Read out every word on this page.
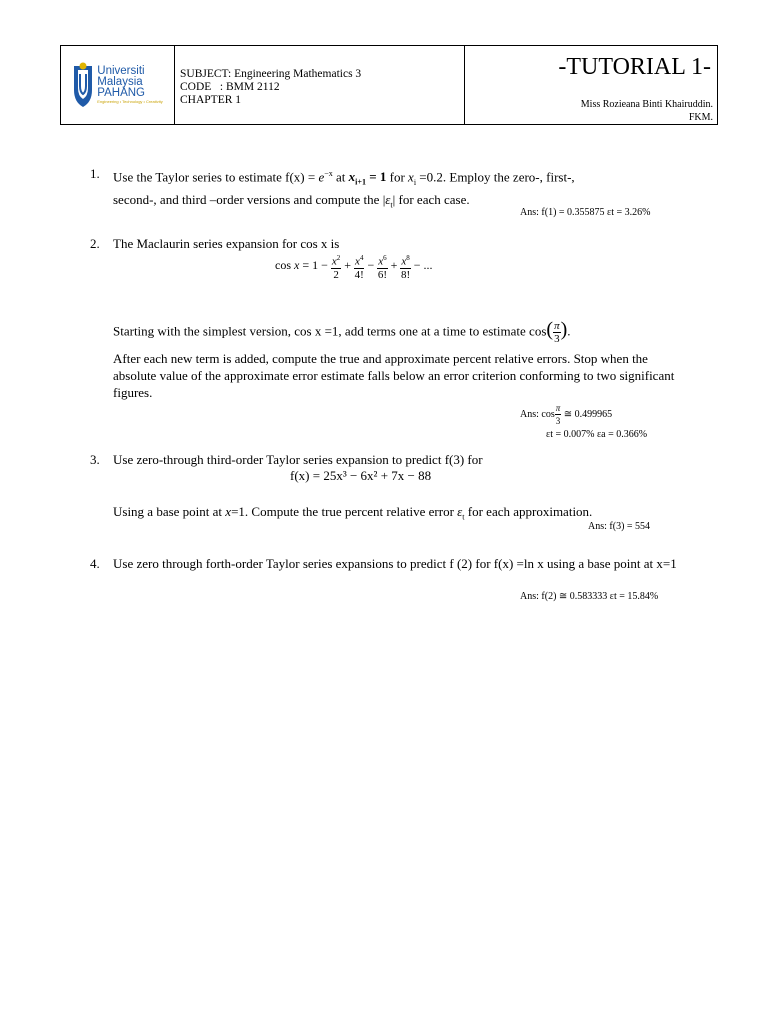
Universiti
Malaysia
PAHANG
Engineering • Technology • Creativity
SUBJECT: Engineering Mathematics 3
CODE   : BMM 2112
CHAPTER 1
-TUTORIAL 1-
Miss Rozieana Binti Khairuddin.
FKM.
1. Use the Taylor series to estimate $f(x) = e^{-x}$ at $x_{i+1} = 1$ for $x_i =0.2$. Employ the zero-, first-,
second-, and third –order versions and compute the $|\varepsilon_t|$ for each case.
Ans: f(1) = 0.355875 εt = 3.26%
2. The Maclaurin series expansion for cos x is
$\cos x = 1 - \frac{x^2}{2} + \frac{x^4}{4!} - \frac{x^6}{6!} + \frac{x^8}{8!}$ − ...
Starting with the simplest version, cos x =1, add terms one at a time to estimate $\cos( \frac{\pi}{3}$ ).
After each new term is added, compute the true and approximate percent relative errors. Stop when the absolute value of the approximate error estimate falls below an error criterion conforming to two significant figures.
Ans: $\cos \frac{\pi}{3}$ ≅ 0.499965
εt = 0.007% εa = 0.366%
3. Use zero-through third-order Taylor series expansion to predict f(3) for
f(x) = 25x³ − 6x² + 7x − 88
Using a base point at x=1. Compute the true percent relative error $\varepsilon_t$ for each approximation.
Ans: f(3) = 554
4. Use zero through forth-order Taylor series expansions to predict f (2) for f(x) =ln x using a base point at x=1
Ans: f(2) ≅ 0.583333 εt = 15.84%
